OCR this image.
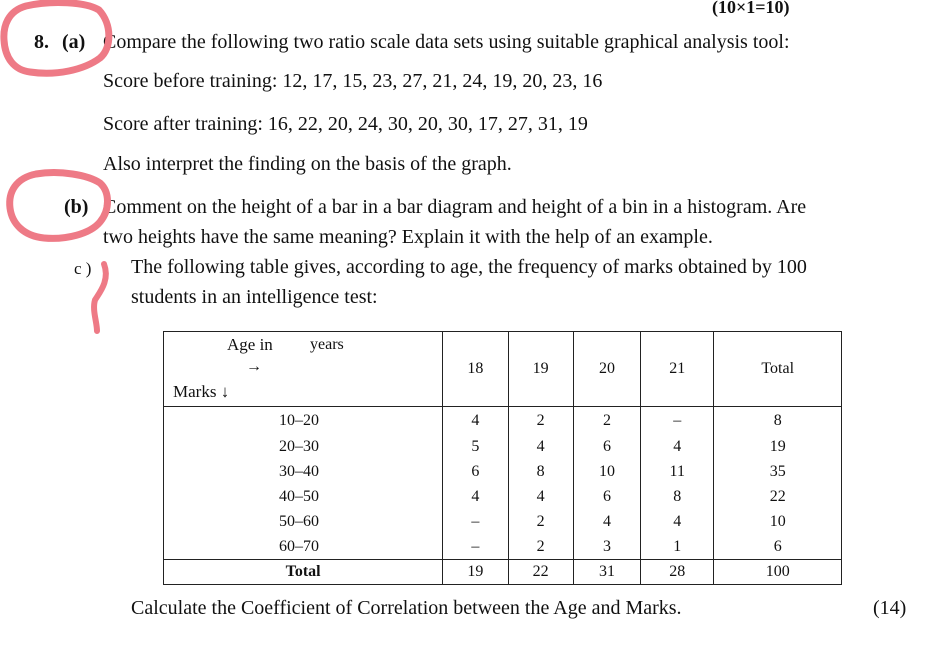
(10×1=10)
8. (a) Compare the following two ratio scale data sets using suitable graphical analysis tool:
Score before training: 12, 17, 15, 23, 27, 21, 24, 19, 20, 23, 16
Score after training: 16, 22, 20, 24, 30, 20, 30, 17, 27, 31, 19
Also interpret the finding on the basis of the graph.
(b) Comment on the height of a bar in a bar diagram and height of a bin in a histogram. Are
two heights have the same meaning? Explain it with the help of an example.
c ) The following table gives, according to age, the frequency of marks obtained by 100
students in an intelligence test:
Age in years
→
Marks ↓	18	19	20	21	Total
10–20	4	2	2	–	8
20–30	5	4	6	4	19
30–40	6	8	10	11	35
40–50	4	4	6	8	22
50–60	–	2	4	4	10
60–70	–	2	3	1	6
Total	19	22	31	28	100
Calculate the Coefficient of Correlation between the Age and Marks.	(14)
